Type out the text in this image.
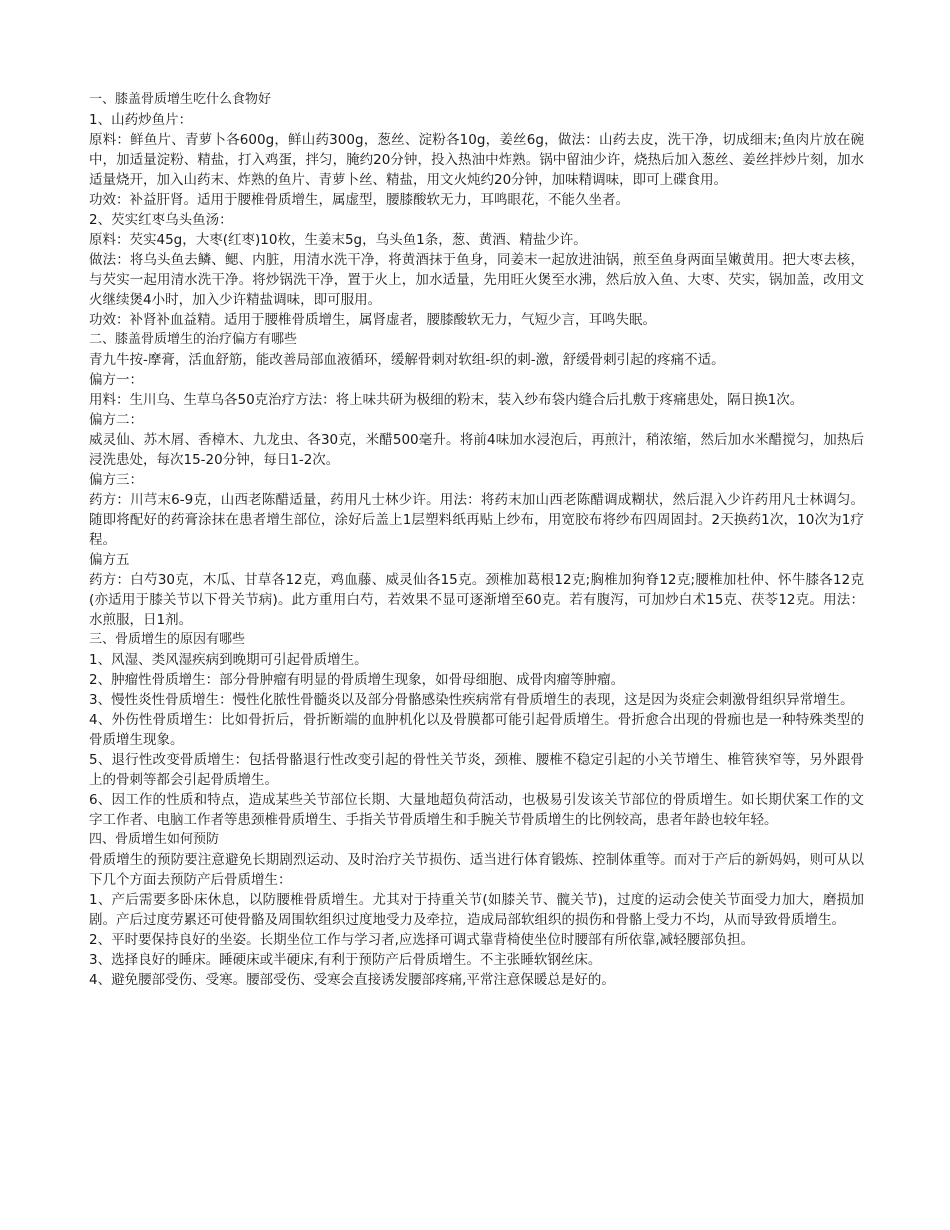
一、膝盖骨质增生吃什么食物好

1、山药炒鱼片：

原料：鲜鱼片、青萝卜各600g，鲜山药300g，葱丝、淀粉各10g，姜丝6g，做法：山药去皮，洗干净，切成细末;鱼肉片放在碗中，加适量淀粉、精盐，打入鸡蛋，拌匀，腌约20分钟，投入热油中炸熟。锅中留油少许，烧热后加入葱丝、姜丝拌炒片刻，加水适量烧开，加入山药末、炸熟的鱼片、青萝卜丝、精盐，用文火炖约20分钟，加味精调味，即可上碟食用。

功效：补益肝肾。适用于腰椎骨质增生，属虚型，腰膝酸软无力，耳鸣眼花，不能久坐者。

2、芡实红枣乌头鱼汤：

原料：芡实45g，大枣(红枣)10枚，生姜末5g，乌头鱼1条，葱、黄酒、精盐少许。

做法：将乌头鱼去鳞、鳃、内脏，用清水洗干净，将黄酒抹于鱼身，同姜末一起放进油锅，煎至鱼身两面呈嫩黄用。把大枣去核，与芡实一起用清水洗干净。将炒锅洗干净，置于火上，加水适量，先用旺火煲至水沸，然后放入鱼、大枣、芡实，锅加盖，改用文火继续煲4小时，加入少许精盐调味，即可服用。

功效：补肾补血益精。适用于腰椎骨质增生，属肾虚者，腰膝酸软无力，气短少言，耳鸣失眠。

二、膝盖骨质增生的治疗偏方有哪些

青九牛按-摩膏，活血舒筋，能改善局部血液循环，缓解骨刺对软组-织的刺-激，舒缓骨刺引起的疼痛不适。

偏方一：

用料：生川乌、生草乌各50克治疗方法：将上味共研为极细的粉末，装入纱布袋内缝合后扎敷于疼痛患处，隔日换1次。

偏方二：

威灵仙、苏木屑、香樟木、九龙虫、各30克，米醋500毫升。将前4味加水浸泡后，再煎汁，稍浓缩，然后加水米醋搅匀，加热后浸洗患处，每次15-20分钟，每日1-2次。

偏方三：

药方：川芎末6-9克，山西老陈醋适量，药用凡士林少许。用法：将药末加山西老陈醋调成糊状，然后混入少许药用凡士林调匀。随即将配好的药膏涂抹在患者增生部位，涂好后盖上1层塑料纸再贴上纱布，用宽胶布将纱布四周固封。2天换药1次，10次为1疗程。

偏方五

药方：白芍30克，木瓜、甘草各12克，鸡血藤、威灵仙各15克。颈椎加葛根12克;胸椎加狗脊12克;腰椎加杜仲、怀牛膝各12克(亦适用于膝关节以下骨关节病)。此方重用白芍，若效果不显可逐渐增至60克。若有腹泻，可加炒白术15克、茯苓12克。用法：水煎服，日1剂。

三、骨质增生的原因有哪些

1、风湿、类风湿疾病到晚期可引起骨质增生。

2、肿瘤性骨质增生：部分骨肿瘤有明显的骨质增生现象，如骨母细胞、成骨肉瘤等肿瘤。

3、慢性炎性骨质增生：慢性化脓性骨髓炎以及部分骨骼感染性疾病常有骨质增生的表现，这是因为炎症会刺激骨组织异常增生。

4、外伤性骨质增生：比如骨折后，骨折断端的血肿机化以及骨膜都可能引起骨质增生。骨折愈合出现的骨痂也是一种特殊类型的骨质增生现象。

5、退行性改变骨质增生：包括骨骼退行性改变引起的骨性关节炎，颈椎、腰椎不稳定引起的小关节增生、椎管狭窄等，另外跟骨上的骨刺等都会引起骨质增生。

6、因工作的性质和特点，造成某些关节部位长期、大量地超负荷活动，也极易引发该关节部位的骨质增生。如长期伏案工作的文字工作者、电脑工作者等患颈椎骨质增生、手指关节骨质增生和手腕关节骨质增生的比例较高，患者年龄也较年轻。

四、骨质增生如何预防

骨质增生的预防要注意避免长期剧烈运动、及时治疗关节损伤、适当进行体育锻炼、控制体重等。而对于产后的新妈妈，则可从以下几个方面去预防产后骨质增生：

1、产后需要多卧床休息，以防腰椎骨质增生。尤其对于持重关节(如膝关节、髋关节)，过度的运动会使关节面受力加大，磨损加剧。产后过度劳累还可使骨骼及周围软组织过度地受力及牵拉，造成局部软组织的损伤和骨骼上受力不均，从而导致骨质增生。

2、平时要保持良好的坐姿。长期坐位工作与学习者,应选择可调式靠背椅使坐位时腰部有所依靠,减轻腰部负担。

3、选择良好的睡床。睡硬床或半硬床,有利于预防产后骨质增生。不主张睡软钢丝床。

4、避免腰部受伤、受寒。腰部受伤、受寒会直接诱发腰部疼痛,平常注意保暖总是好的。
